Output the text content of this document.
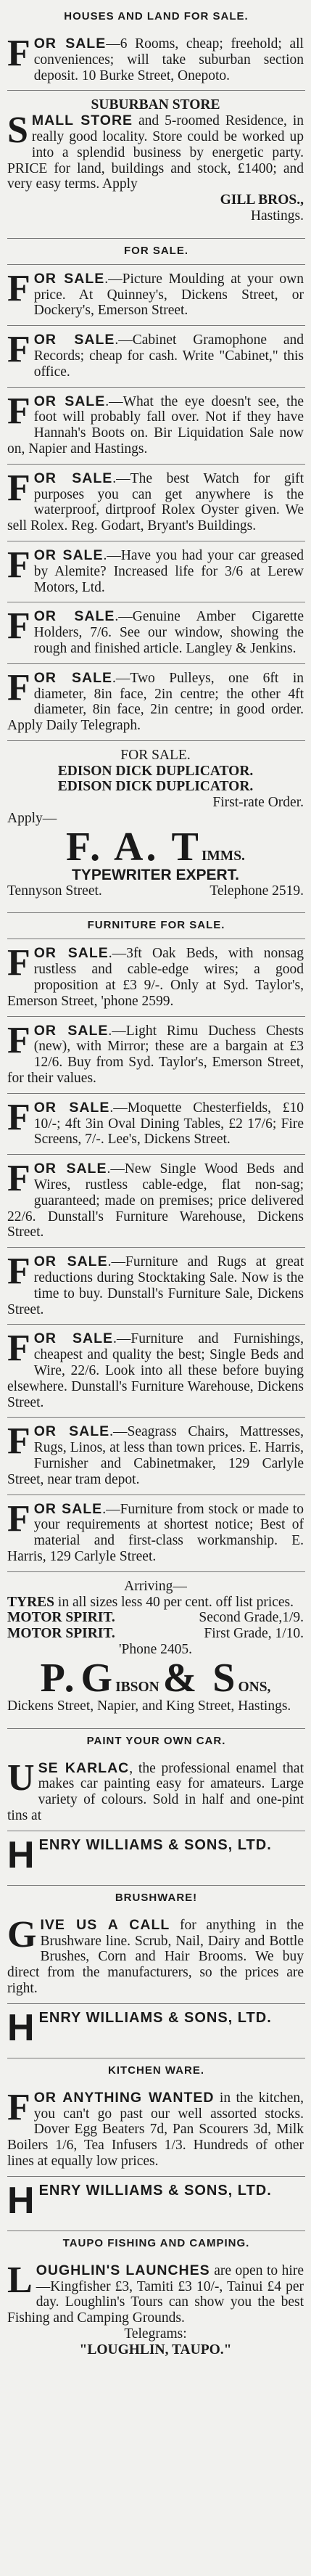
HOUSES AND LAND FOR SALE.
F OR SALE—6 Rooms, cheap; freehold; all conveniences; will take suburban section deposit. 10 Burke Street, Onepoto.

SUBURBAN STORE

S MALL STORE and 5-roomed Residence, in really good locality. Store could be worked up into a splendid business by energetic party. PRICE for land, buildings and stock, £1400; and very easy terms. Apply

GILL BROS.,

Hastings.

FOR SALE.
F OR SALE.—Picture Moulding at your own price. At Quinney's, Dickens Street, or Dockery's, Emerson Street.

F OR SALE.—Cabinet Gramophone and Records; cheap for cash. Write "Cabinet," this office.

F OR SALE.—What the eye doesn't see, the foot will probably fall over. Not if they have Hannah's Boots on. Bir Liquidation Sale now on, Napier and Hastings.

F OR SALE.—The best Watch for gift purposes you can get anywhere is the waterproof, dirtproof Rolex Oyster given. We sell Rolex. Reg. Godart, Bryant's Buildings.

F OR SALE.—Have you had your car greased by Alemite? Increased life for 3/6 at Lerew Motors, Ltd.

F OR SALE.—Genuine Amber Cigarette Holders, 7/6. See our window, showing the rough and finished article. Langley & Jenkins.

F OR SALE.—Two Pulleys, one 6ft in diameter, 8in face, 2in centre; the other 4ft diameter, 8in face, 2in centre; in good order. Apply Daily Telegraph.

FOR SALE.

EDISON DICK DUPLICATOR.

EDISON DICK DUPLICATOR.

First-rate Order.

Apply—

F. A. TIMMS.

TYPEWRITER EXPERT.

Tennyson Street.	Telephone 2519.

FURNITURE FOR SALE.
F OR SALE.—3ft Oak Beds, with nonsag rustless and cable-edge wires; a good proposition at £3 9/-. Only at Syd. Taylor's, Emerson Street, 'phone 2599.

F OR SALE.—Light Rimu Duchess Chests (new), with Mirror; these are a bargain at £3 12/6. Buy from Syd. Taylor's, Emerson Street, for their values.

F OR SALE.—Moquette Chesterfields, £10 10/-; 4ft 3in Oval Dining Tables, £2 17/6; Fire Screens, 7/-. Lee's, Dickens Street.

F OR SALE.—New Single Wood Beds and Wires, rustless cable-edge, flat non-sag; guaranteed; made on premises; price delivered 22/6. Dunstall's Furniture Warehouse, Dickens Street.

F OR SALE.—Furniture and Rugs at great reductions during Stocktaking Sale. Now is the time to buy. Dunstall's Furniture Sale, Dickens Street.

F OR SALE.—Furniture and Furnishings, cheapest and quality the best; Single Beds and Wire, 22/6. Look into all these before buying elsewhere. Dunstall's Furniture Warehouse, Dickens Street.

F OR SALE.—Seagrass Chairs, Mattresses, Rugs, Linos, at less than town prices. E. Harris, Furnisher and Cabinetmaker, 129 Carlyle Street, near tram depot.

F OR SALE.—Furniture from stock or made to your requirements at shortest notice; Best of material and first-class workmanship. E. Harris, 129 Carlyle Street.

Arriving—

TYRES in all sizes less 40 per cent. off list prices.

MOTOR SPIRIT.	Second Grade,1/9.

MOTOR SPIRIT.	First Grade, 1/10.

'Phone 2405.

P. GIBSON & SONS,

Dickens Street, Napier, and King Street, Hastings.

PAINT YOUR OWN CAR.
U SE KARLAC, the professional enamel that makes car painting easy for amateurs. Large variety of colours. Sold in half and one-pint tins at

HENRY WILLIAMS & SONS, LTD.
BRUSHWARE!
G IVE US A CALL for anything in the Brushware line. Scrub, Nail, Dairy and Bottle Brushes, Corn and Hair Brooms. We buy direct from the manufacturers, so the prices are right.

HENRY WILLIAMS & SONS, LTD.
KITCHEN WARE.
F OR ANYTHING WANTED in the kitchen, you can't go past our well assorted stocks. Dover Egg Beaters 7d, Pan Scourers 3d, Milk Boilers 1/6, Tea Infusers 1/3. Hundreds of other lines at equally low prices.

HENRY WILLIAMS & SONS, LTD.
TAUPO FISHING AND CAMPING.
L OUGHLIN'S LAUNCHES are open to hire—Kingfisher £3, Tamiti £3 10/-, Tainui £4 per day. Loughlin's Tours can show you the best Fishing and Camping Grounds.

Telegrams:

"LOUGHLIN, TAUPO."
